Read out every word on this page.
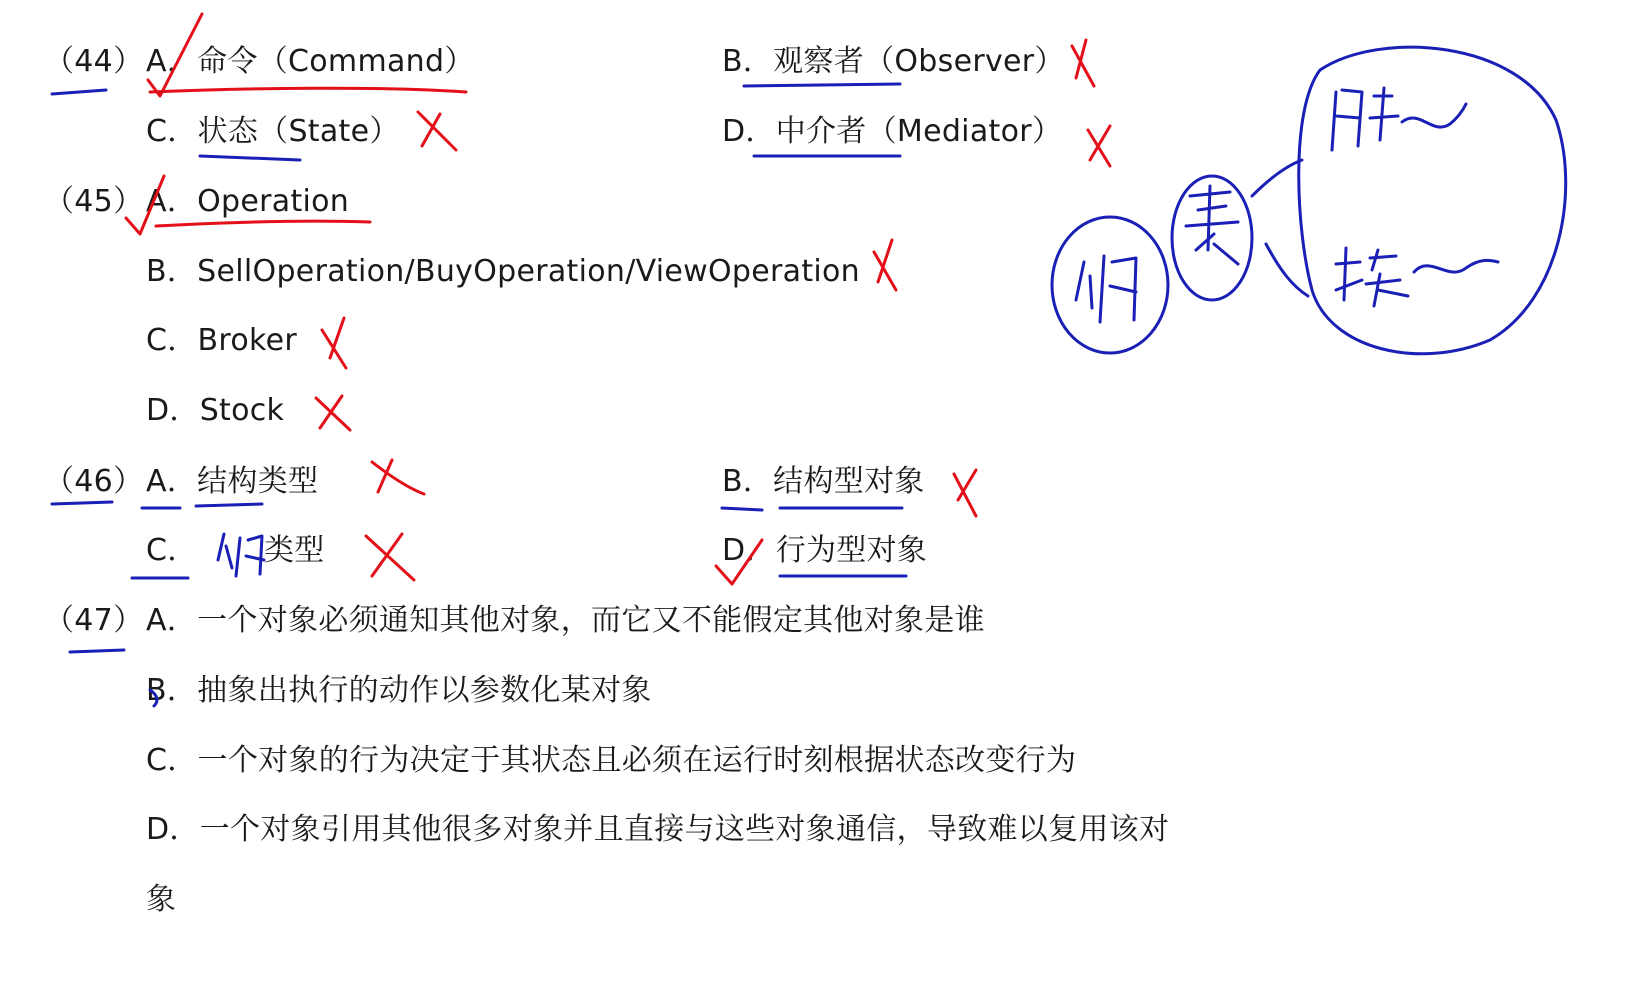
（44） A．命令（Command）	B．观察者（Observer）
C．状态（State）	D．中介者（Mediator）
（45） A．Operation
B．SellOperation/BuyOperation/ViewOperation
C．Broker
D．Stock
（46） A．结构类型	B．结构型对象
C． 类型	D．行为型对象
（47） A．一个对象必须通知其他对象，而它又不能假定其他对象是谁
B．抽象出执行的动作以参数化某对象
C．一个对象的行为决定于其状态且必须在运行时刻根据状态改变行为
D．一个对象引用其他很多对象并且直接与这些对象通信，导致难以复用该对
象
